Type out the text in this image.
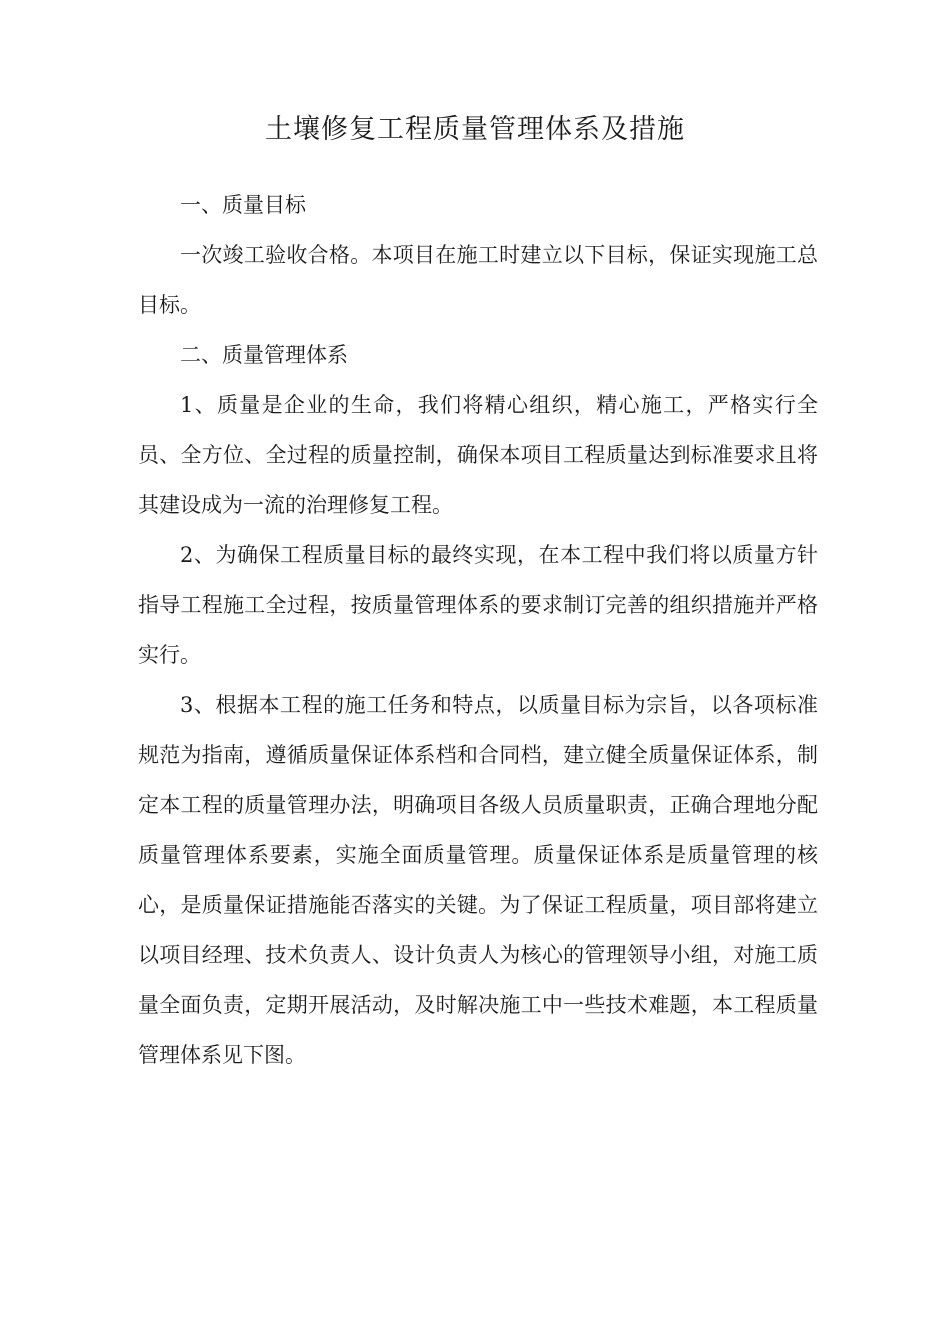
土壤修复工程质量管理体系及措施

一、质量目标

一次竣工验收合格。本项目在施工时建立以下目标，保证实现施工总目标。

二、质量管理体系

1、质量是企业的生命，我们将精心组织，精心施工，严格实行全员、全方位、全过程的质量控制，确保本项目工程质量达到标准要求且将其建设成为一流的治理修复工程。

2、为确保工程质量目标的最终实现，在本工程中我们将以质量方针指导工程施工全过程，按质量管理体系的要求制订完善的组织措施并严格实行。

3、根据本工程的施工任务和特点，以质量目标为宗旨，以各项标准规范为指南，遵循质量保证体系档和合同档，建立健全质量保证体系，制定本工程的质量管理办法，明确项目各级人员质量职责，正确合理地分配质量管理体系要素，实施全面质量管理。质量保证体系是质量管理的核心，是质量保证措施能否落实的关键。为了保证工程质量，项目部将建立以项目经理、技术负责人、设计负责人为核心的管理领导小组，对施工质量全面负责，定期开展活动，及时解决施工中一些技术难题，本工程质量管理体系见下图。
